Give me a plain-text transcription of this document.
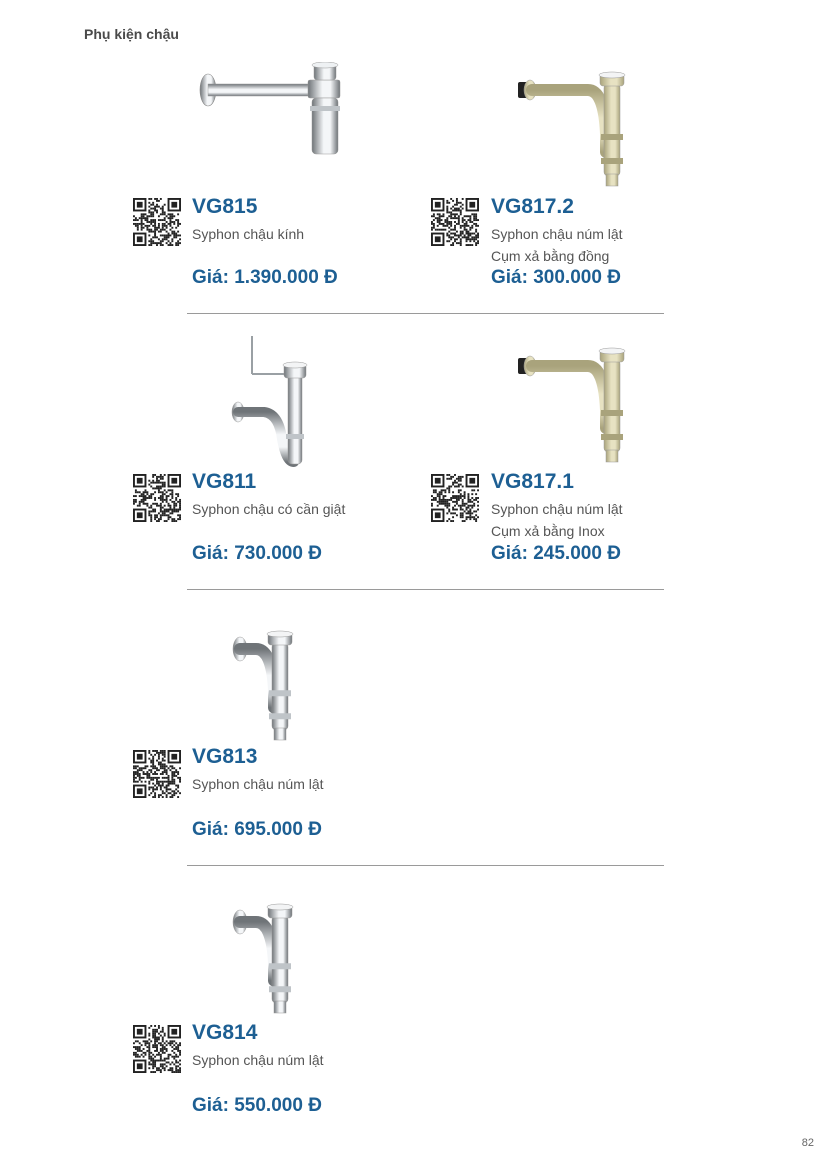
Phụ kiện chậu
VG815
Syphon chậu kính
Giá: 1.390.000 Đ
VG817.2
Syphon chậu núm lật
Cụm xả bằng đồng
Giá: 300.000 Đ
VG811
Syphon chậu có cần giật
Giá: 730.000 Đ
VG817.1
Syphon chậu núm lật
Cụm xả bằng Inox
Giá: 245.000 Đ
VG813
Syphon chậu núm lật
Giá: 695.000 Đ
VG814
Syphon chậu núm lật
Giá: 550.000 Đ
82
